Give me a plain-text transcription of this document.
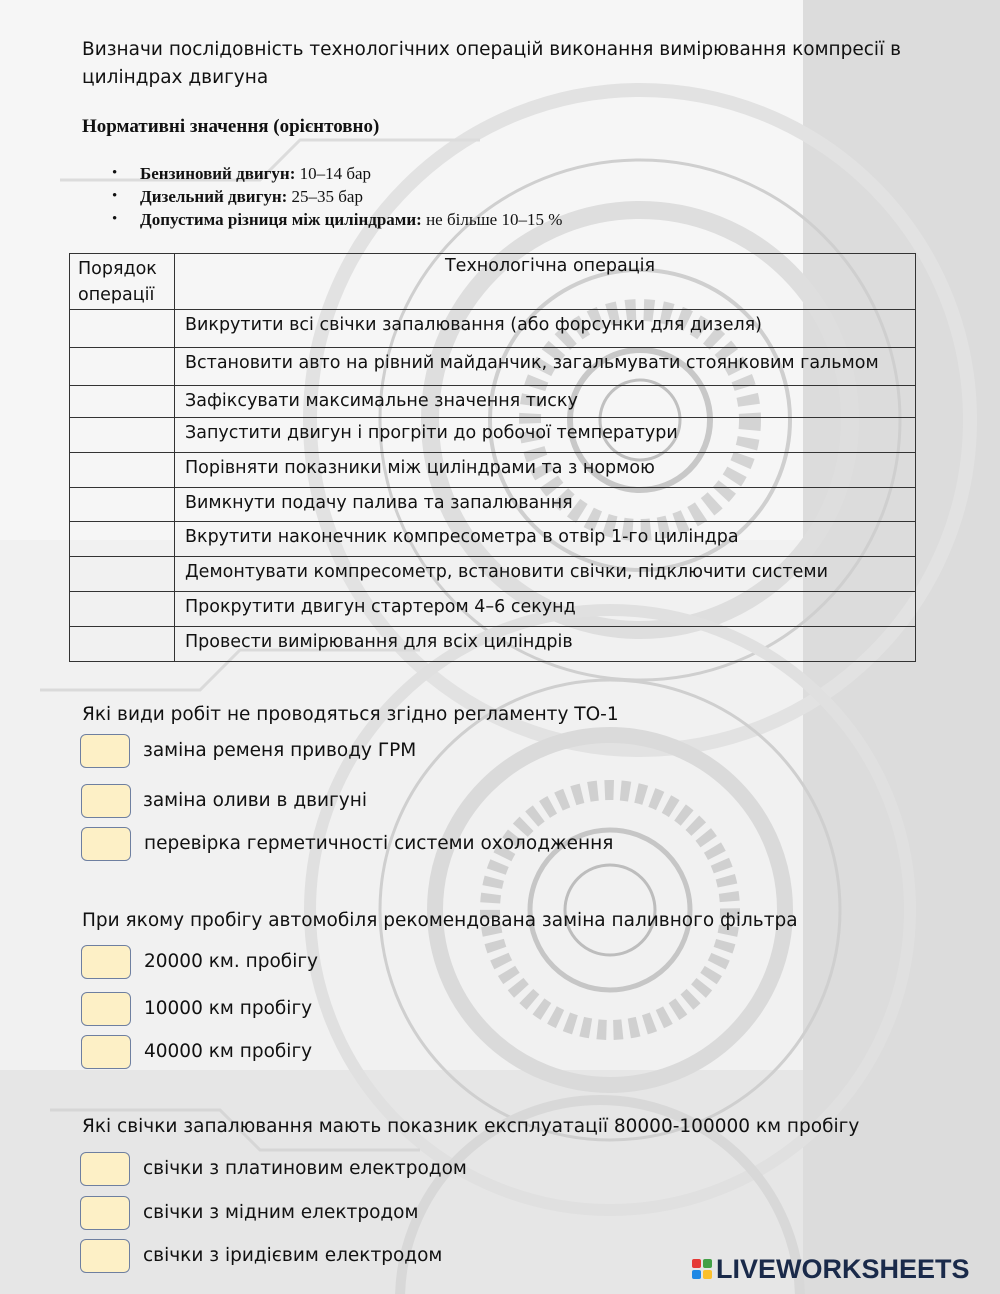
Визначи послідовність технологічних операцій виконання вимірювання компресії в циліндрах двигуна
Нормативні значення (орієнтовно)
• Бензиновий двигун: 10–14 бар
• Дизельний двигун: 25–35 бар
• Допустима різниця між циліндрами: не більше 10–15 %
Порядок операції	Технологічна операція
	Викрутити всі свічки запалювання (або форсунки для дизеля)
	Встановити авто на рівний майданчик, загальмувати стоянковим гальмом
	Зафіксувати максимальне значення тиску
	Запустити двигун і прогріти до робочої температури
	Порівняти показники між циліндрами та з нормою
	Вимкнути подачу палива та запалювання
	Вкрутити наконечник компресометра в отвір 1-го циліндра
	Демонтувати компресометр, встановити свічки, підключити системи
	Прокрутити двигун стартером 4–6 секунд
	Провести вимірювання для всіх циліндрів
Які види робіт не проводяться згідно регламенту ТО-1
заміна ременя приводу ГРМ
заміна оливи в двигуні
перевірка герметичності системи охолодження
При якому пробігу автомобіля рекомендована заміна паливного фільтра
20000 км. пробігу
10000 км пробігу
40000 км пробігу
Які свічки запалювання мають показник експлуатації 80000-100000 км пробігу
свічки з платиновим електродом
свічки з мідним електродом
свічки з іридієвим електродом	LIVEWORKSHEETS
